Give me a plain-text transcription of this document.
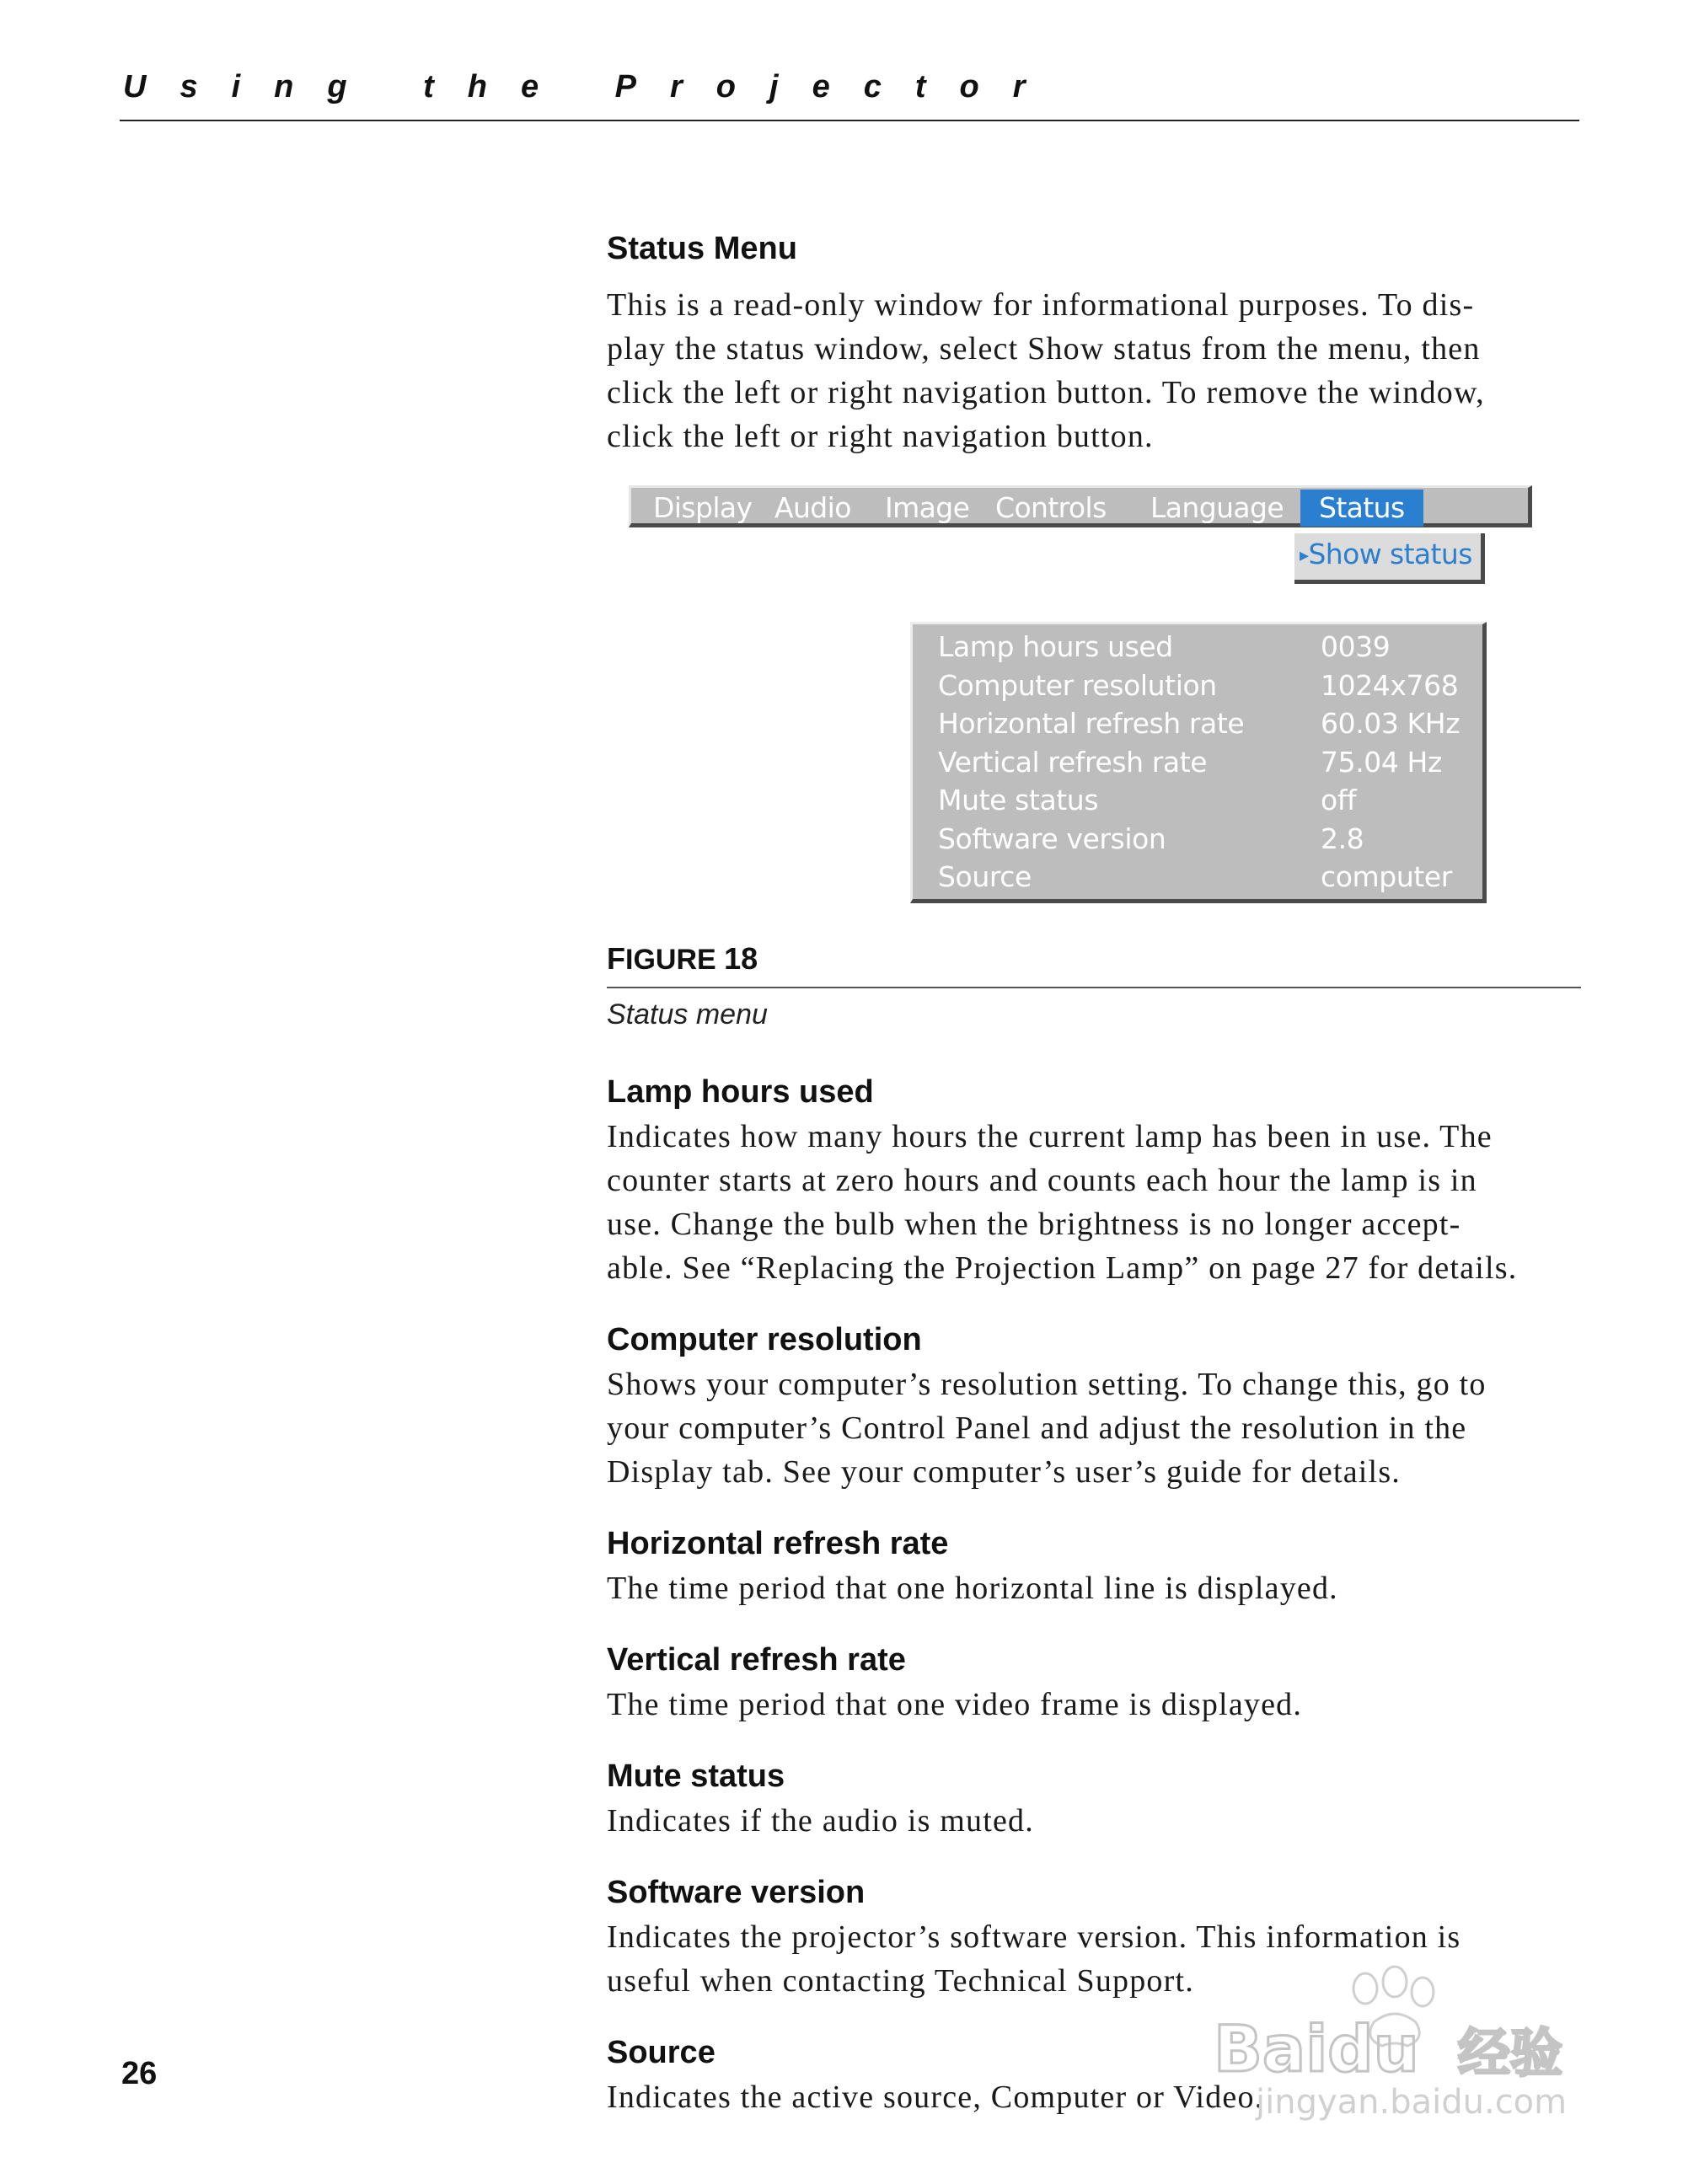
Using the Projector
Status Menu

This is a read-only window for informational purposes. To dis-
play the status window, select Show status from the menu, then
click the left or right navigation button. To remove the window,
click the left or right navigation button.

Display Audio Image Controls Language	Status
▸Show status
Lamp hours used	0039
Computer resolution	1024x768
Horizontal refresh rate	60.03 KHz
Vertical refresh rate	75.04 Hz
Mute status	off
Software version	2.8
Source	computer

FIGURE 18

Status menu

Lamp hours used

Indicates how many hours the current lamp has been in use. The
counter starts at zero hours and counts each hour the lamp is in
use. Change the bulb when the brightness is no longer accept-
able. See “Replacing the Projection Lamp” on page 27 for details.

Computer resolution

Shows your computer’s resolution setting. To change this, go to
your computer’s Control Panel and adjust the resolution in the
Display tab. See your computer’s user’s guide for details.

Horizontal refresh rate

The time period that one horizontal line is displayed.

Vertical refresh rate

The time period that one video frame is displayed.

Mute status

Indicates if the audio is muted.

Software version

Indicates the projector’s software version. This information is
useful when contacting Technical Support.

Source

Indicates the active source, Computer or Video.

26	Baidu 经验
jingyan.baidu.com
